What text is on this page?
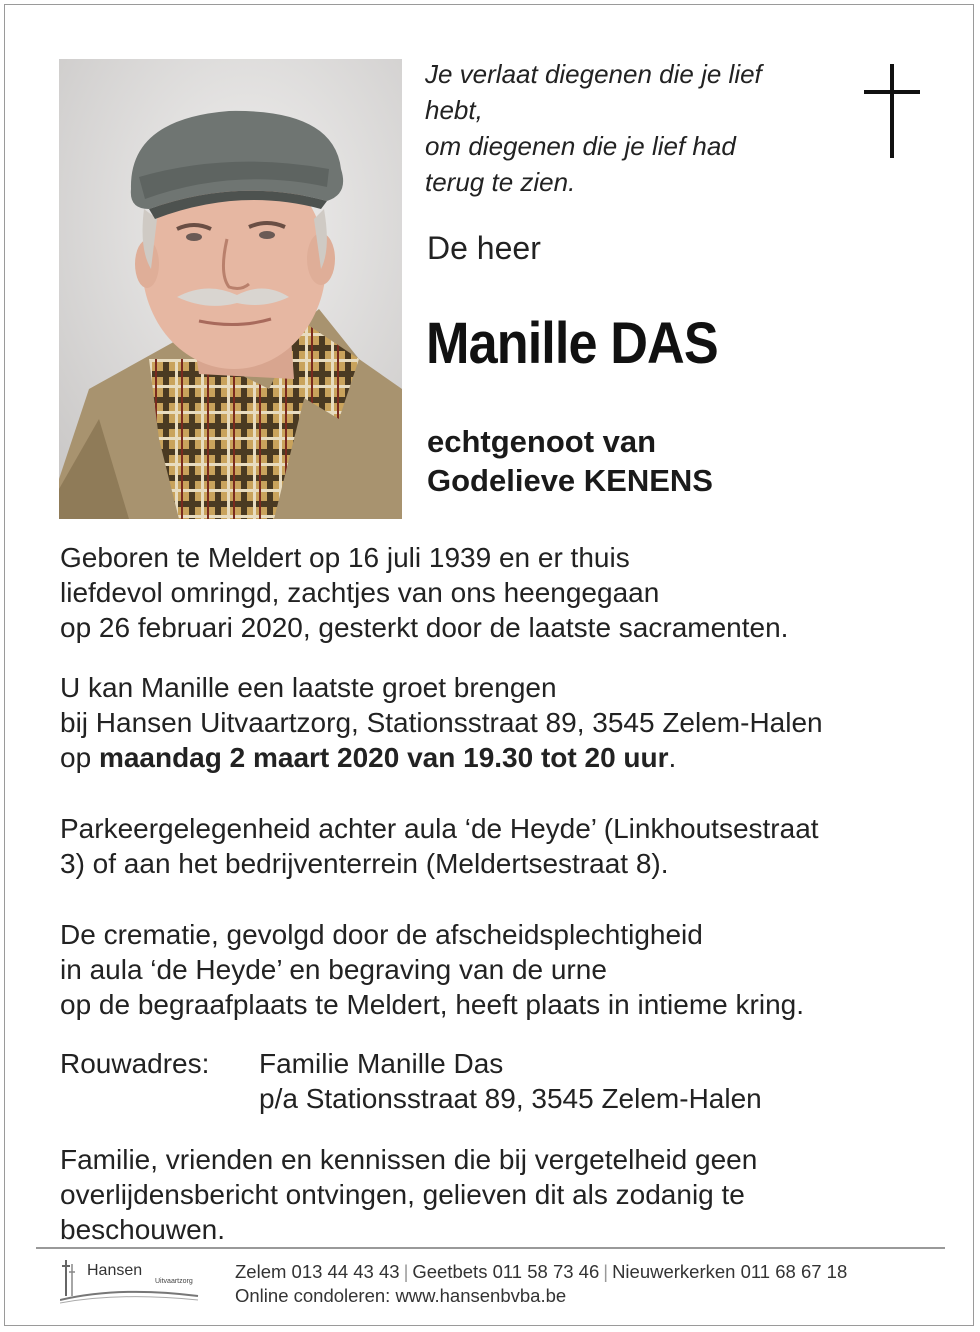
Je verlaat diegenen die je lief
hebt,
om diegenen die je lief had
terug te zien.
De heer
Manille DAS
echtgenoot van
Godelieve KENENS
Geboren te Meldert op 16 juli 1939 en er thuis
liefdevol omringd, zachtjes van ons heengegaan
op 26 februari 2020, gesterkt door de laatste sacramenten.
U kan Manille een laatste groet brengen
bij Hansen Uitvaartzorg, Stationsstraat 89, 3545 Zelem-Halen
op maandag 2 maart 2020 van 19.30 tot 20 uur.
Parkeergelegenheid achter aula ‘de Heyde’ (Linkhoutsestraat
3) of aan het bedrijventerrein (Meldertsestraat 8).
De crematie, gevolgd door de afscheidsplechtigheid
in aula ‘de Heyde’ en begraving van de urne
op de begraafplaats te Meldert, heeft plaats in intieme kring.
Rouwadres: Familie Manille Das
p/a Stationsstraat 89, 3545 Zelem-Halen
Familie, vrienden en kennissen die bij vergetelheid geen
overlijdensbericht ontvingen, gelieven dit als zodanig te
beschouwen.
Hansen
Uitvaartzorg Zelem 013 44 43 43 | Geetbets 011 58 73 46 | Nieuwerkerken 011 68 67 18
Online condoleren: www.hansenbvba.be
